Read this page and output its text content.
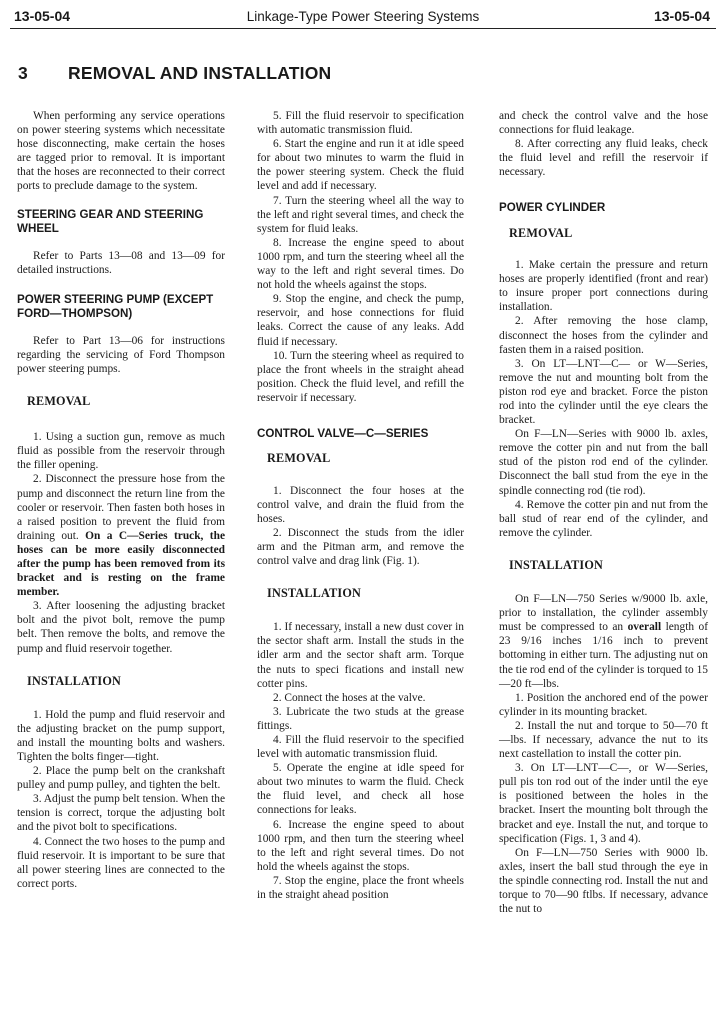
13-05-04	Linkage-Type Power Steering Systems	13-05-04
3 REMOVAL AND INSTALLATION

When performing any service operations on power steering systems which necessitate hose disconnecting, make certain the hoses are tagged prior to removal. It is important that the hoses are reconnected to their correct ports to preclude damage to the system.

STEERING GEAR AND STEERING WHEEL

Refer to Parts 13—08 and 13—09 for detailed instructions.

POWER STEERING PUMP (EXCEPT FORD—THOMPSON)

Refer to Part 13—06 for instructions regarding the servicing of Ford Thompson power steering pumps.

REMOVAL

1. Using a suction gun, remove as much fluid as possible from the reservoir through the filler opening.

2. Disconnect the pressure hose from the pump and disconnect the return line from the cooler or reservoir. Then fasten both hoses in a raised position to prevent the fluid from draining out. On a C—Series truck, the hoses can be more easily disconnected after the pump has been removed from its bracket and is resting on the frame member.

3. After loosening the adjusting bracket bolt and the pivot bolt, remove the pump belt. Then remove the bolts, and remove the pump and fluid reservoir together.

INSTALLATION

1. Hold the pump and fluid reservoir and the adjusting bracket on the pump support, and install the mounting bolts and washers. Tighten the bolts finger—tight.

2. Place the pump belt on the crankshaft pulley and pump pulley, and tighten the belt.

3. Adjust the pump belt tension. When the tension is correct, torque the adjusting bolt and the pivot bolt to specifications.

4. Connect the two hoses to the pump and fluid reservoir. It is important to be sure that all power steering lines are connected to the correct ports.

5. Fill the fluid reservoir to specification with automatic transmission fluid.

6. Start the engine and run it at idle speed for about two minutes to warm the fluid in the power steering system. Check the fluid level and add if necessary.

7. Turn the steering wheel all the way to the left and right several times, and check the system for fluid leaks.

8. Increase the engine speed to about 1000 rpm, and turn the steering wheel all the way to the left and right several times. Do not hold the wheels against the stops.

9. Stop the engine, and check the pump, reservoir, and hose connections for fluid leaks. Correct the cause of any leaks. Add fluid if necessary.

10. Turn the steering wheel as required to place the front wheels in the straight ahead position. Check the fluid level, and refill the reservoir if necessary.

CONTROL VALVE—C—SERIES
REMOVAL

1. Disconnect the four hoses at the control valve, and drain the fluid from the hoses.

2. Disconnect the studs from the idler arm and the Pitman arm, and remove the control valve and drag link (Fig. 1).

INSTALLATION

1. If necessary, install a new dust cover in the sector shaft arm. Install the studs in the idler arm and the sector shaft arm. Torque the nuts to speci fications and install new cotter pins.

2. Connect the hoses at the valve.

3. Lubricate the two studs at the grease fittings.

4. Fill the fluid reservoir to the specified level with automatic transmission fluid.

5. Operate the engine at idle speed for about two minutes to warm the fluid. Check the fluid level, and check all hose connections for leaks.

6. Increase the engine speed to about 1000 rpm, and then turn the steering wheel to the left and right several times. Do not hold the wheels against the stops.

7. Stop the engine, place the front wheels in the straight ahead position

and check the control valve and the hose connections for fluid leakage.

8. After correcting any fluid leaks, check the fluid level and refill the reservoir if necessary.

POWER CYLINDER
REMOVAL

1. Make certain the pressure and return hoses are properly identified (front and rear) to insure proper port connections during installation.

2. After removing the hose clamp, disconnect the hoses from the cylinder and fasten them in a raised position.

3. On LT—LNT—C— or W—Series, remove the nut and mounting bolt from the piston rod eye and bracket. Force the piston rod into the cylinder until the eye clears the bracket.

On F—LN—Series with 9000 lb. axles, remove the cotter pin and nut from the ball stud of the piston rod end of the cylinder. Disconnect the ball stud from the eye in the spindle connecting rod (tie rod).

4. Remove the cotter pin and nut from the ball stud of rear end of the cylinder, and remove the cylinder.

INSTALLATION

On F—LN—750 Series w/9000 lb. axle, prior to installation, the cylinder assembly must be compressed to an overall length of 23 9/16 inches 1/16 inch to prevent bottoming in either turn. The adjusting nut on the tie rod end of the cylinder is torqued to 15—20 ft—lbs.

1. Position the anchored end of the power cylinder in its mounting bracket.

2. Install the nut and torque to 50—70 ft—lbs. If necessary, advance the nut to its next castellation to install the cotter pin.

3. On LT—LNT—C—, or W—Series, pull pis ton rod out of the inder until the eye is positioned between the holes in the bracket. Insert the mounting bolt through the bracket and eye. Install the nut, and torque to specification (Figs. 1, 3 and 4).

On F—LN—750 Series with 9000 lb. axles, insert the ball stud through the eye in the spindle connecting rod. Install the nut and torque to 70—90 ftlbs. If necessary, advance the nut to
